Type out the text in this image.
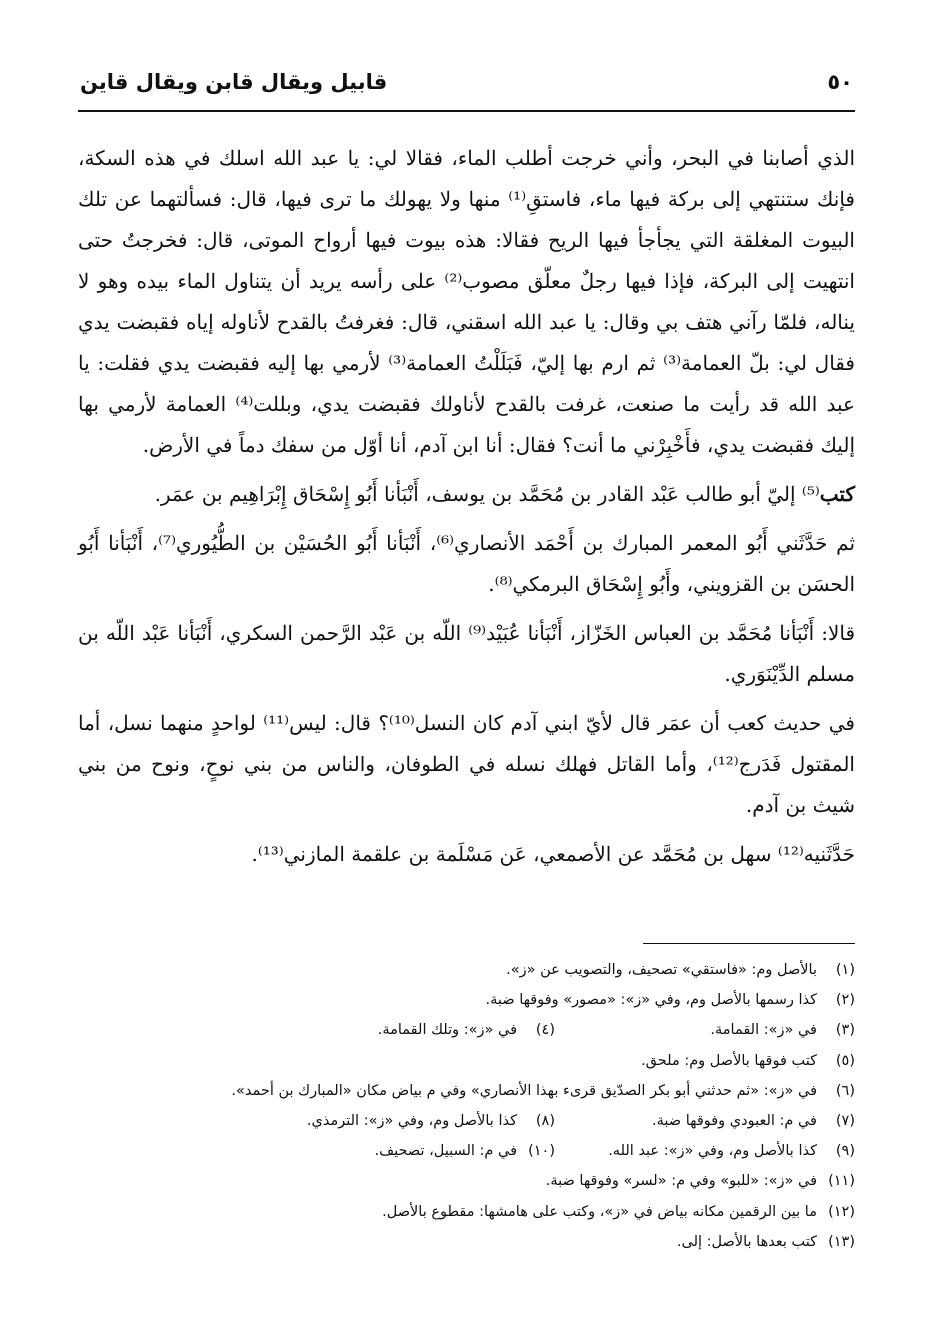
٥٠
قابيل ويقال قابن ويقال قاين

الذي أصابنا في البحر، وأني خرجت أطلب الماء، فقالا لي: يا عبد الله اسلك في هذه السكة، فإنك ستنتهي إلى بركة فيها ماء، فاستقِ⁽¹⁾ منها ولا يهولك ما ترى فيها، قال: فسألتهما عن تلك البيوت المغلقة التي يجأجأ فيها الريح فقالا: هذه بيوت فيها أرواح الموتى، قال: فخرجتُ حتى انتهيت إلى البركة، فإذا فيها رجلٌ معلّق مصوب⁽²⁾ على رأسه يريد أن يتناول الماء بيده وهو لا يناله، فلمّا رآني هتف بي وقال: يا عبد الله اسقني، قال: فغرفتُ بالقدح لأناوله إياه فقبضت يدي فقال لي: بلّ العمامة⁽³⁾ ثم ارم بها إليّ، فَبَلَلْتُ العمامة⁽³⁾ لأرمي بها إليه فقبضت يدي فقلت: يا عبد الله قد رأيت ما صنعت، غرفت بالقدح لأناولك فقبضت يدي، وبللت⁽⁴⁾ العمامة لأرمي بها إليك فقبضت يدي، فأَخْبِرْني ما أنت؟ فقال: أنا ابن آدم، أنا أوّل من سفك دماً في الأرض.

كتب⁽⁵⁾ إليّ أبو طالب عَبْد القادر بن مُحَمَّد بن يوسف، أَنْبَأنا أَبُو إِسْحَاق إِبْرَاهِيم بن عمَر.

ثم حَدَّثَني أَبُو المعمر المبارك بن أَحْمَد الأنصاري⁽⁶⁾، أَنْبَأنا أَبُو الحُسَيْن بن الطُّيُوري⁽⁷⁾، أَنْبَأنا أَبُو الحسَن بن القزويني، وأَبُو إِسْحَاق البرمكي⁽⁸⁾.

قالا: أَنْبَأنا مُحَمَّد بن العباس الخَزّاز، أَنْبَأنا عُبَيْد⁽⁹⁾ اللّه بن عَبْد الرَّحمن السكري، أَنْبَأنا عَبْد اللّه بن مسلم الدِّيْنَوَري.

في حديث كعب أن عمَر قال لأيّ ابني آدم كان النسل⁽¹⁰⁾؟ قال: ليس⁽¹¹⁾ لواحدٍ منهما نسل، أما المقتول فَدَرج⁽¹²⁾، وأما القاتل فهلك نسله في الطوفان، والناس من بني نوحٍ، ونوح من بني شيث بن آدم.

حَدَّثَنيه⁽¹²⁾ سهل بن مُحَمَّد عن الأصمعي، عَن مَسْلَمة بن علقمة المازني⁽¹³⁾.

(١)
بالأصل وم: «فاستقي» تصحيف، والتصويب عن «ز».
(٢)
كذا رسمها بالأصل وم، وفي «ز»: «مصور» وفوقها ضبة.
(٣)
في «ز»: القمامة.
(٤)
في «ز»: وتلك القمامة.
(٥)
كتب فوقها بالأصل وم: ملحق.
(٦)
في «ز»: «ثم حدثني أبو بكر الصدّيق قرىء بهذا الأنصاري» وفي م بياض مكان «المبارك بن أحمد».
(٧)
في م: العبودي وفوقها ضبة.
(٨)
كذا بالأصل وم، وفي «ز»: الترمذي.
(٩)
كذا بالأصل وم، وفي «ز»: عبد الله.
(١٠)
في م: السبيل، تصحيف.
(١١)
في «ز»: «للبو» وفي م: «لسر» وفوقها ضبة.
(١٢)
ما بين الرقمين مكانه بياض في «ز»، وكتب على هامشها: مقطوع بالأصل.
(١٣)
كتب بعدها بالأصل: إلى.
